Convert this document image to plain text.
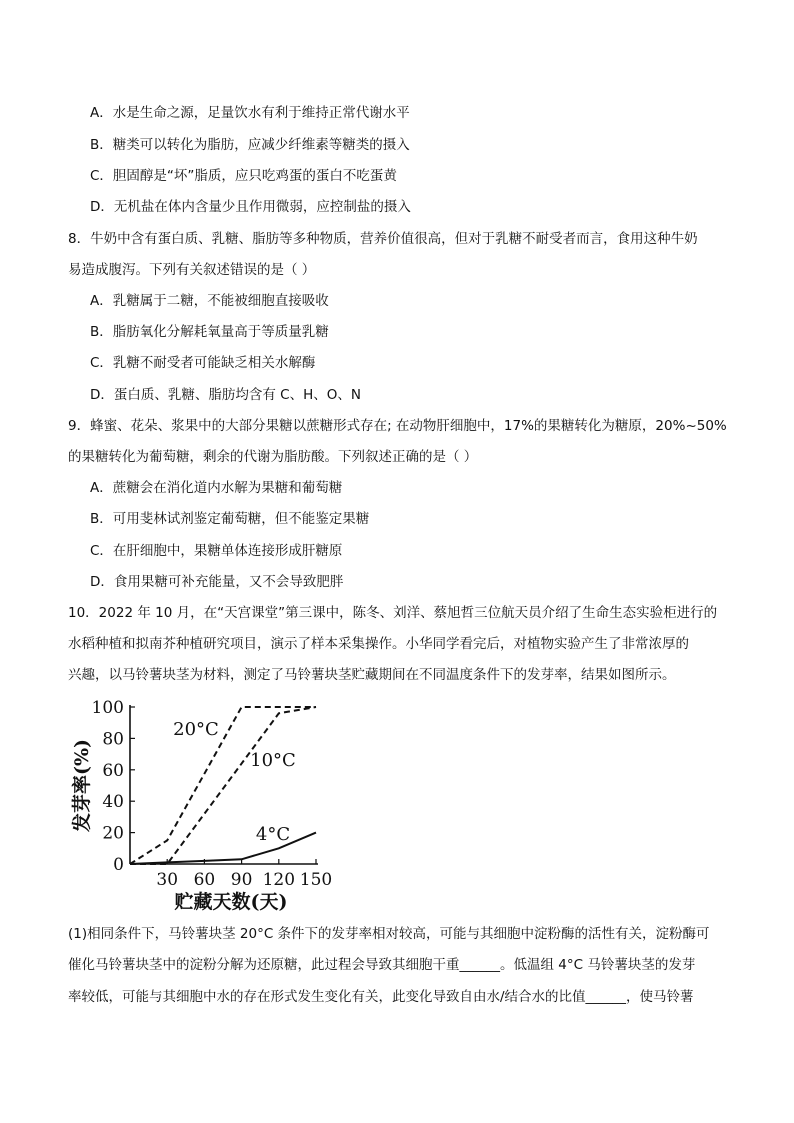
A．水是生命之源，足量饮水有利于维持正常代谢水平
B．糖类可以转化为脂肪，应减少纤维素等糖类的摄入
C．胆固醇是“坏”脂质，应只吃鸡蛋的蛋白不吃蛋黄
D．无机盐在体内含量少且作用微弱，应控制盐的摄入
8．牛奶中含有蛋白质、乳糖、脂肪等多种物质，营养价值很高，但对于乳糖不耐受者而言，食用这种牛奶
易造成腹泻。下列有关叙述错误的是（ ）
A．乳糖属于二糖，不能被细胞直接吸收
B．脂肪氧化分解耗氧量高于等质量乳糖
C．乳糖不耐受者可能缺乏相关水解酶
D．蛋白质、乳糖、脂肪均含有 C、H、O、N
9．蜂蜜、花朵、浆果中的大部分果糖以蔗糖形式存在; 在动物肝细胞中，17%的果糖转化为糖原，20%~50%
的果糖转化为葡萄糖，剩余的代谢为脂肪酸。下列叙述正确的是（ ）
A．蔗糖会在消化道内水解为果糖和葡萄糖
B．可用斐林试剂鉴定葡萄糖，但不能鉴定果糖
C．在肝细胞中，果糖单体连接形成肝糖原
D．食用果糖可补充能量，又不会导致肥胖
10．2022 年 10 月，在“天宫课堂”第三课中，陈冬、刘洋、蔡旭哲三位航天员介绍了生命生态实验柜进行的
水稻种植和拟南芥种植研究项目，演示了样本采集操作。小华同学看完后，对植物实验产生了非常浓厚的
兴趣，以马铃薯块茎为材料，测定了马铃薯块茎贮藏期间在不同温度条件下的发芽率，结果如图所示。
0
20
40
60
80
100
30 60 90 120 150
20°C
10°C
4°C
贮藏天数(天)
发芽率(%)
(1)相同条件下，马铃薯块茎 20°C 条件下的发芽率相对较高，可能与其细胞中淀粉酶的活性有关，淀粉酶可
催化马铃薯块茎中的淀粉分解为还原糖，此过程会导致其细胞干重______。低温组 4°C 马铃薯块茎的发芽
率较低，可能与其细胞中水的存在形式发生变化有关，此变化导致自由水/结合水的比值______，使马铃薯
